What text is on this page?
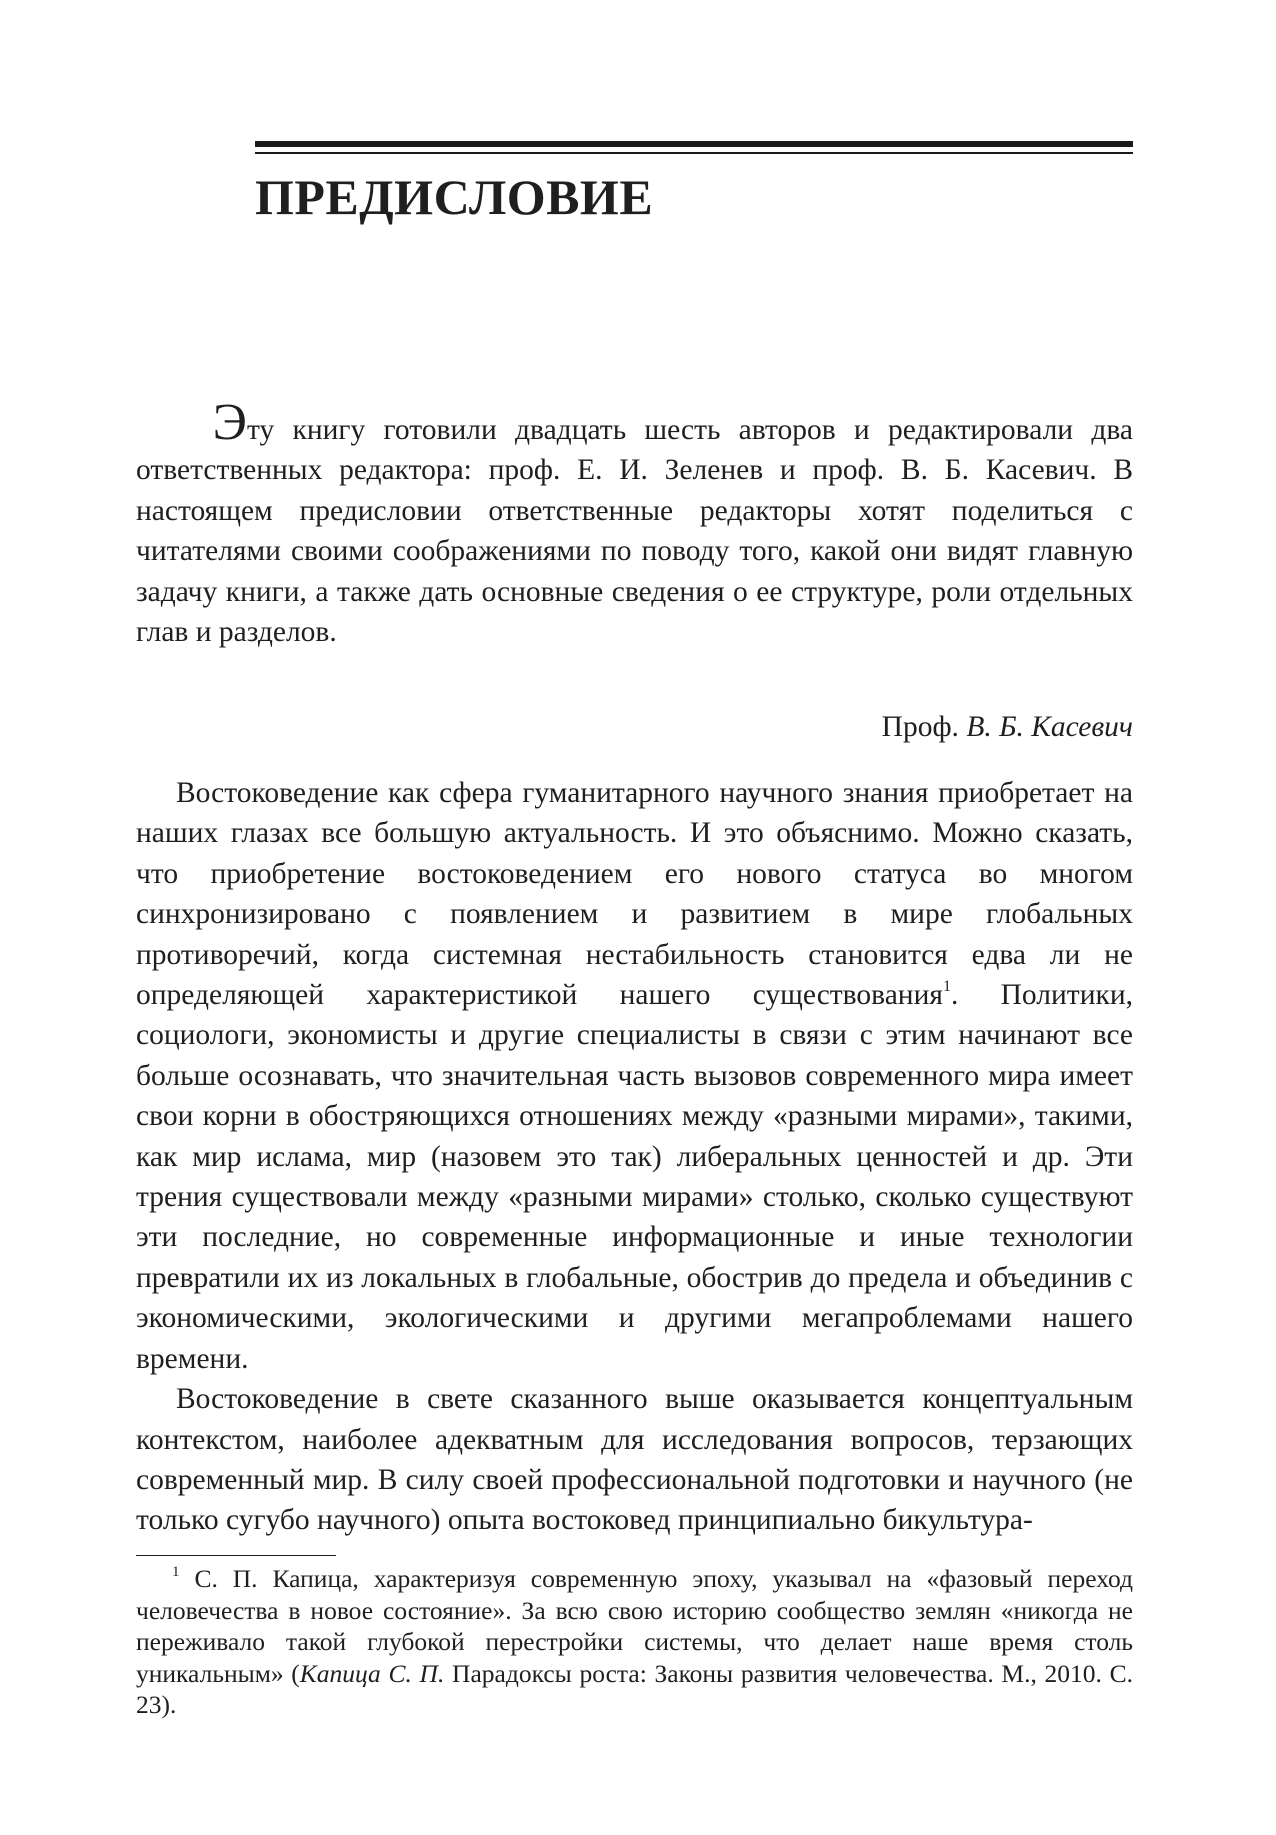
ПРЕДИСЛОВИЕ

Эту книгу готовили двадцать шесть авторов и редактировали два ответственных редактора: проф. Е. И. Зеленев и проф. В. Б. Касевич. В настоящем предисловии ответственные редакторы хотят поделиться с читателями своими соображениями по поводу того, какой они видят главную задачу книги, а также дать основные сведения о ее структуре, роли отдельных глав и разделов.

Проф. В. Б. Касевич

Востоковедение как сфера гуманитарного научного знания приобретает на наших глазах все большую актуальность. И это объяснимо. Можно сказать, что приобретение востоковедением его нового статуса во многом синхронизировано с появлением и развитием в мире глобальных противоречий, когда системная нестабильность становится едва ли не определяющей характеристикой нашего существования$^1$. Политики, социологи, экономисты и другие специалисты в связи с этим начинают все больше осознавать, что значительная часть вызовов современного мира имеет свои корни в обостряющихся отношениях между «разными мирами», такими, как мир ислама, мир (назовем это так) либеральных ценностей и др. Эти трения существовали между «разными мирами» столько, сколько существуют эти последние, но современные информационные и иные технологии превратили их из локальных в глобальные, обострив до предела и объединив с экономическими, экологическими и другими мегапроблемами нашего времени.

Востоковедение в свете сказанного выше оказывается концептуальным контекстом, наиболее адекватным для исследования вопросов, терзающих современный мир. В силу своей профессиональной подготовки и научного (не только сугубо научного) опыта востоковед принципиально бикультура-

$^1$ С. П. Капица, характеризуя современную эпоху, указывал на «фазовый переход человечества в новое состояние». За всю свою историю сообщество землян «никогда не переживало такой глубокой перестройки системы, что делает наше время столь уникальным» (Капица С. П. Парадоксы роста: Законы развития человечества. М., 2010. С. 23).
